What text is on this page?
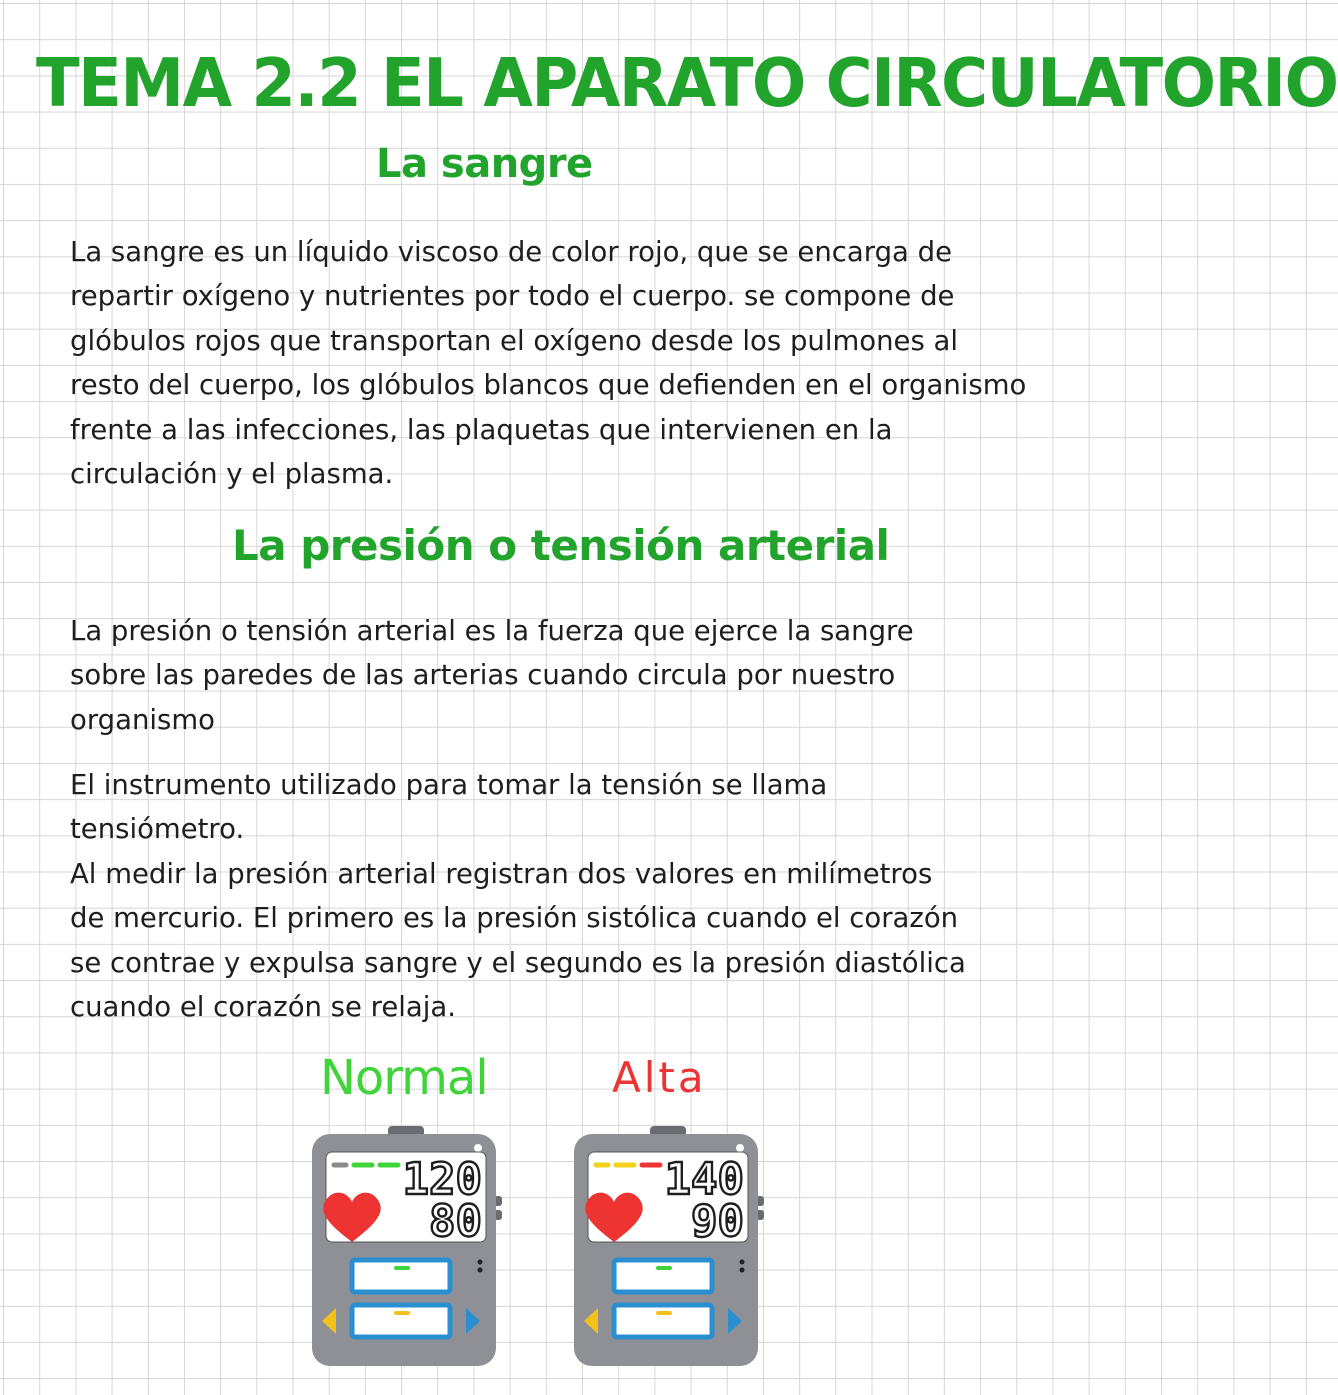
TEMA 2.2 EL APARATO CIRCULATORIO
La sangre

La sangre es un líquido viscoso de color rojo, que se encarga de
repartir oxígeno y nutrientes por todo el cuerpo. se compone de
glóbulos rojos que transportan el oxígeno desde los pulmones al
resto del cuerpo, los glóbulos blancos que defienden en el organismo
frente a las infecciones, las plaquetas que intervienen en la
circulación y el plasma.

La presión o tensión arterial

La presión o tensión arterial es la fuerza que ejerce la sangre
sobre las paredes de las arterias cuando circula por nuestro
organismo

El instrumento utilizado para tomar la tensión se llama
tensiómetro.
Al medir la presión arterial registran dos valores en milímetros
de mercurio. El primero es la presión sistólica cuando el corazón
se contrae y expulsa sangre y el segundo es la presión diastólica
cuando el corazón se relaja.

Normal	Alta
120
80
140
90
